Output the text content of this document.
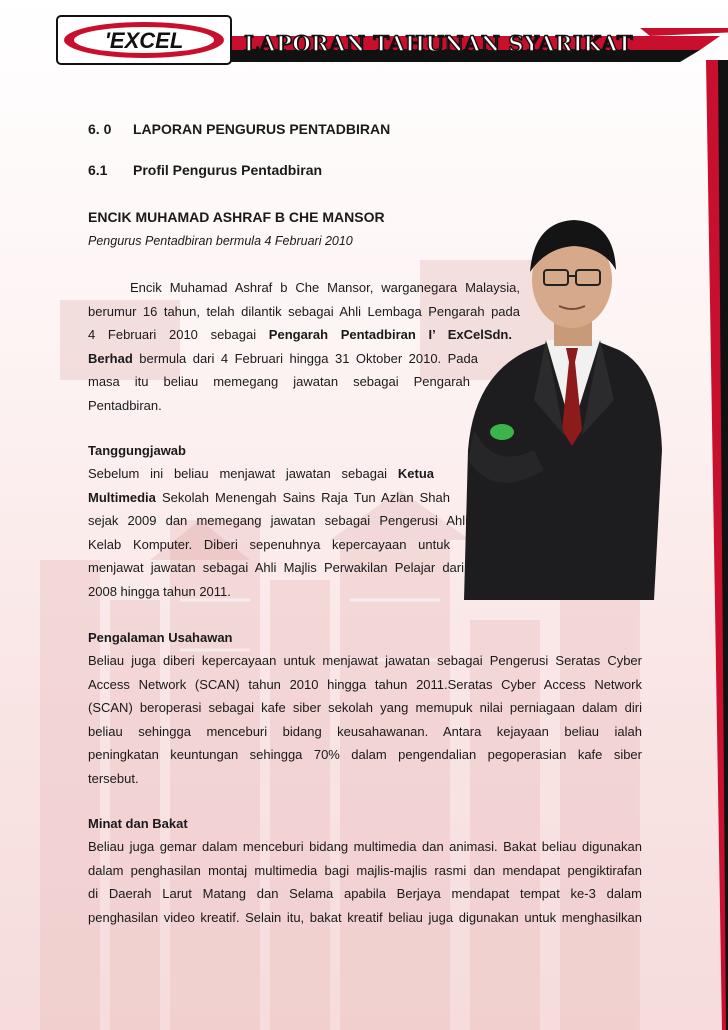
LAPORAN TAHUNAN SYARIKAT
'EXCEL
6. 0 LAPORAN PENGURUS PENTADBIRAN
6.1 Profil Pengurus Pentadbiran
ENCIK MUHAMAD ASHRAF B CHE MANSOR
Pengurus Pentadbiran bermula 4 Februari 2010
Encik Muhamad Ashraf b Che Mansor, warganegara Malaysia,
berumur 16 tahun, telah dilantik sebagai Ahli Lembaga Pengarah pada
4 Februari 2010 sebagai Pengarah Pentadbiran I’ ExCelSdn.
Berhad bermula dari 4 Februari hingga 31 Oktober 2010. Pada
masa itu beliau memegang jawatan sebagai Pengarah
Pentadbiran.
Tanggungjawab
Sebelum ini beliau menjawat jawatan sebagai Ketua
Multimedia Sekolah Menengah Sains Raja Tun Azlan Shah
sejak 2009 dan memegang jawatan sebagai Pengerusi Ahli
Kelab Komputer. Diberi sepenuhnya kepercayaan untuk
menjawat jawatan sebagai Ahli Majlis Perwakilan Pelajar dari
2008 hingga tahun 2011.
Pengalaman Usahawan
Beliau juga diberi kepercayaan untuk menjawat jawatan sebagai Pengerusi Seratas Cyber
Access Network (SCAN) tahun 2010 hingga tahun 2011.Seratas Cyber Access Network
(SCAN) beroperasi sebagai kafe siber sekolah yang memupuk nilai perniagaan dalam diri
beliau sehingga menceburi bidang keusahawanan. Antara kejayaan beliau ialah
peningkatan keuntungan sehingga 70% dalam pengendalian pegoperasian kafe siber
tersebut.
Minat dan Bakat
Beliau juga gemar dalam menceburi bidang multimedia dan animasi. Bakat beliau digunakan
dalam penghasilan montaj multimedia bagi majlis-majlis rasmi dan mendapat pengiktirafan
di Daerah Larut Matang dan Selama apabila Berjaya mendapat tempat ke-3 dalam
penghasilan video kreatif. Selain itu, bakat kreatif beliau juga digunakan untuk menghasilkan
